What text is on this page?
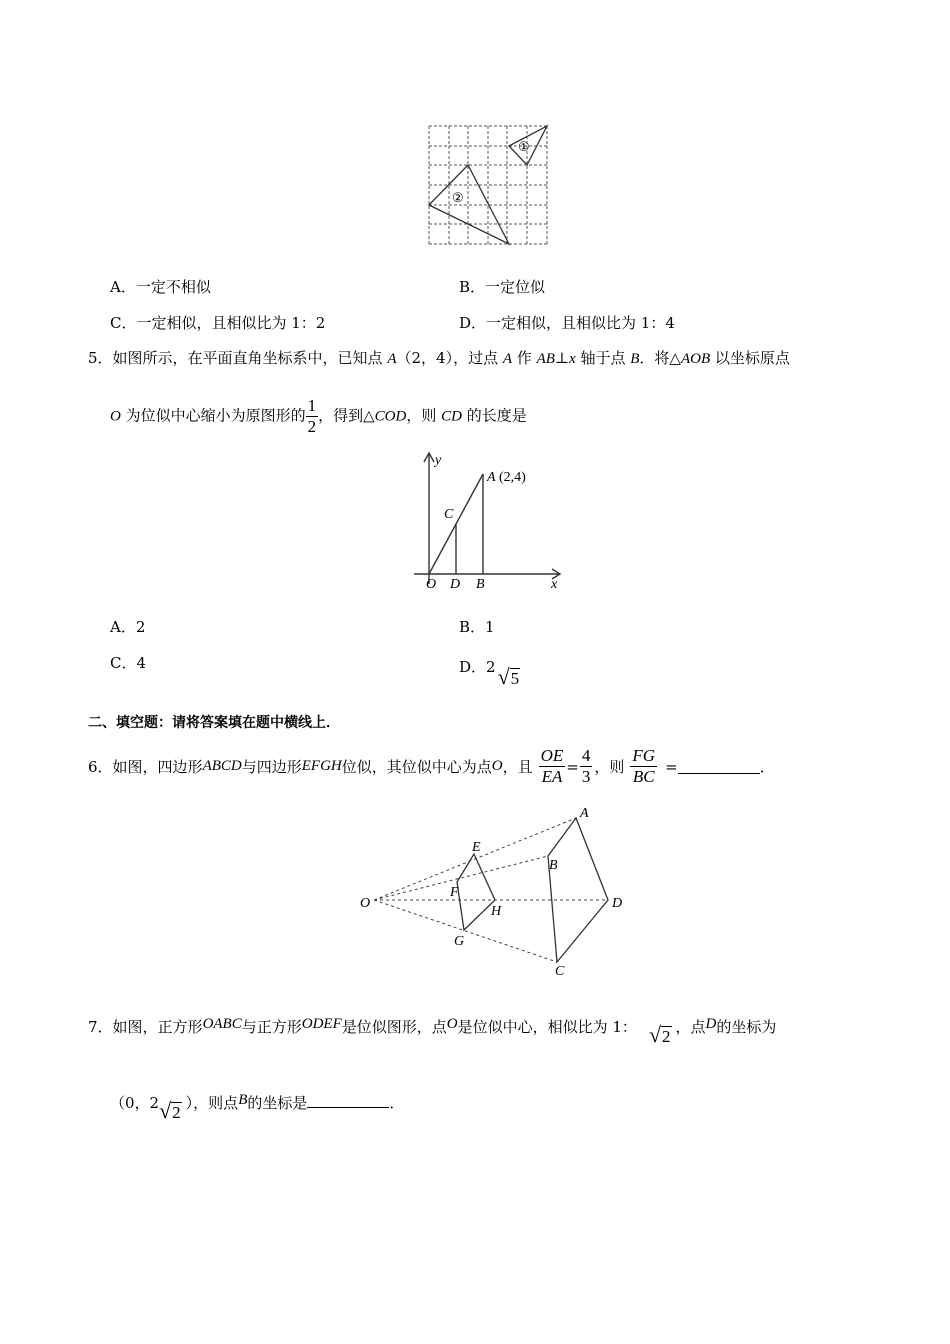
①
②
A．一定不相似	B．一定位似
C．一定相似，且相似比为 1：2	D．一定相似，且相似比为 1：4
5．如图所示，在平面直角坐标系中，已知点 A（2，4），过点 A 作 AB⊥x 轴于点 B．将△AOB 以坐标原点
O 为位似中心缩小为原图形的 $\frac{1}{2}$ ，得到△COD，则 CD 的长度是
y
x
A (2,4)
C
O D B
A．2	B．1
C．4	D．2√5
二、填空题：请将答案填在题中横线上．
6． 如图，四边形 ABCD 与四边形 EFGH 位似，其位似中心为点 O ，且 $\frac{OE}{EA} = \frac{4}{3}$ ，则 $\frac{FG}{BC}$ =	．
O
A
B
C
D
E
F
G
H
7． 如图，正方形 OABC 与正方形 ODEF 是位似图形，点 O 是位似中心，相似比为 1： √2 ，点 D 的坐标为
（0，2 √2 ），则点 B 的坐标是	．
